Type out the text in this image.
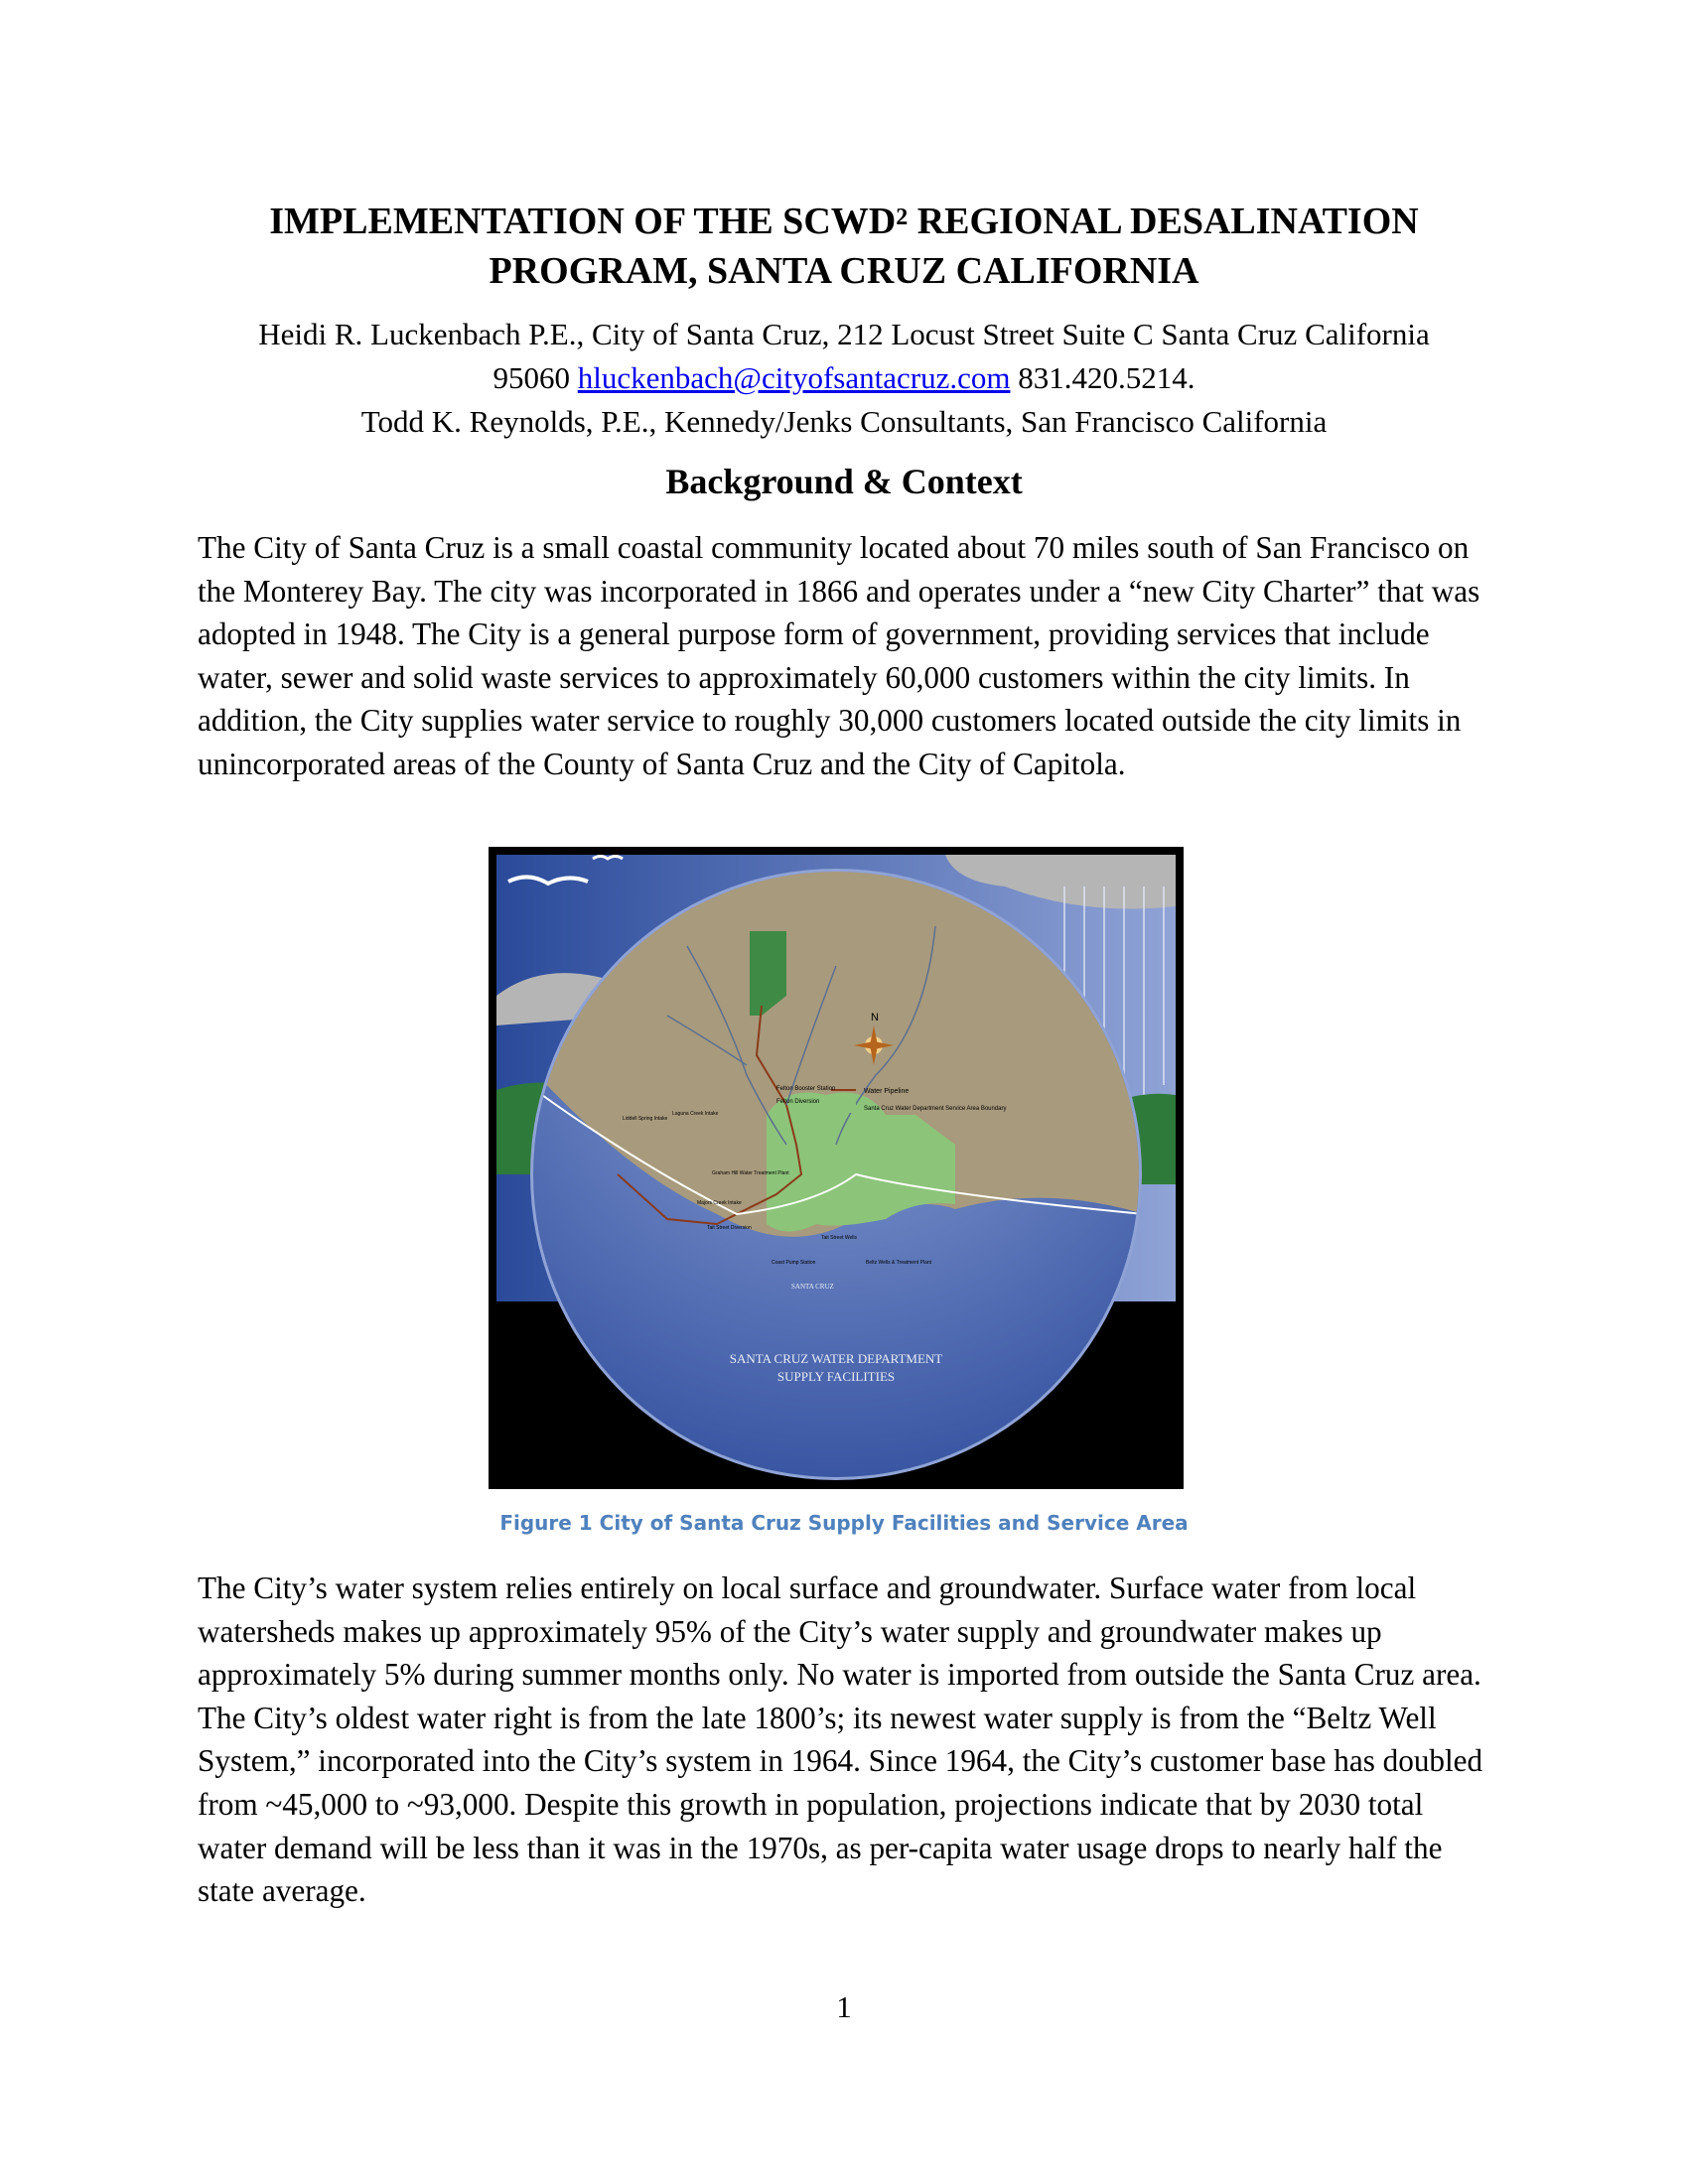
IMPLEMENTATION OF THE SCWD$^2$ REGIONAL DESALINATION
PROGRAM, SANTA CRUZ CALIFORNIA
Heidi R. Luckenbach P.E., City of Santa Cruz, 212 Locust Street Suite C Santa Cruz California
95060 hluckenbach@cityofsantacruz.com 831.420.5214.
Todd K. Reynolds, P.E., Kennedy/Jenks Consultants, San Francisco California
Background & Context
The City of Santa Cruz is a small coastal community located about 70 miles south of San Francisco on the Monterey Bay. The city was incorporated in 1866 and operates under a “new City Charter” that was adopted in 1948. The City is a general purpose form of government, providing services that include water, sewer and solid waste services to approximately 60,000 customers within the city limits. In addition, the City supplies water service to roughly 30,000 customers located outside the city limits in unincorporated areas of the County of Santa Cruz and the City of Capitola.
N
Water Pipeline
Santa Cruz Water Department Service Area Boundary
SANTA CRUZ WATER DEPARTMENT
SUPPLY FACILITIES
SANTA CRUZ
Felton Booster Station
Felton Diversion
Liddell Spring Intake
Laguna Creek Intake
Majors Creek Intake
Graham Hill Water Treatment Plant
Tait Street Diversion
Tait Street Wells
Coast Pump Station	Beltz Wells & Treatment Plant
Figure 1 City of Santa Cruz Supply Facilities and Service Area
The City’s water system relies entirely on local surface and groundwater. Surface water from local watersheds makes up approximately 95% of the City’s water supply and groundwater makes up approximately 5% during summer months only. No water is imported from outside the Santa Cruz area. The City’s oldest water right is from the late 1800’s; its newest water supply is from the “Beltz Well System,” incorporated into the City’s system in 1964. Since 1964, the City’s customer base has doubled from ~45,000 to ~93,000. Despite this growth in population, projections indicate that by 2030 total water demand will be less than it was in the 1970s, as per-capita water usage drops to nearly half the state average.
1
